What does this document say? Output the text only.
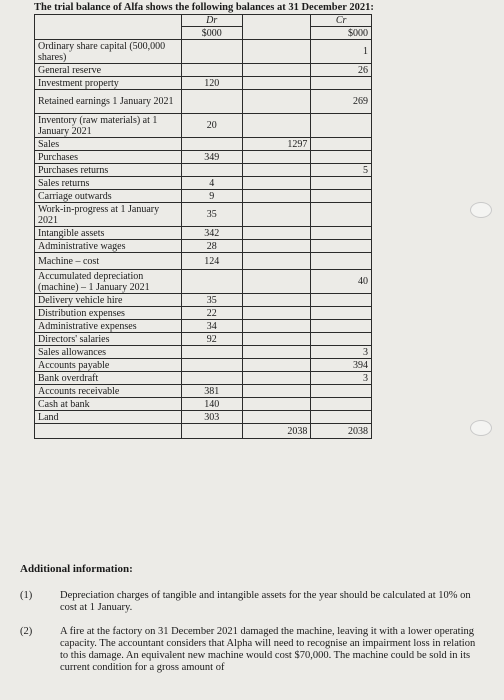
The trial balance of Alfa shows the following balances at 31 December 2021:
	Dr		Cr
	$000		$000
Ordinary share capital (500,000 shares)			1
General reserve			26
Investment property	120		
Retained earnings 1 January 2021			269
Inventory (raw materials) at 1 January 2021	20		
Sales		1297	
Purchases	349		
Purchases returns			5
Sales returns	4		
Carriage outwards	9		
Work-in-progress at 1 January 2021	35		
Intangible assets	342		
Administrative wages	28		
Machine – cost	124		
Accumulated depreciation (machine) – 1 January 2021			40
Delivery vehicle hire	35		
Distribution expenses	22		
Administrative expenses	34		
Directors' salaries	92		
Sales allowances			3
Accounts payable			394
Bank overdraft			3
Accounts receivable	381		
Cash at bank	140		
Land	303		
		2038	2038
Additional information:
(1)	Depreciation charges of tangible and intangible assets for the year should be calculated at 10% on cost at 1 January.
(2)	A fire at the factory on 31 December 2021 damaged the machine, leaving it with a lower operating capacity. The accountant considers that Alpha will need to recognise an impairment loss in relation to this damage. An equivalent new machine would cost $70,000. The machine could be sold in its current condition for a gross amount of
